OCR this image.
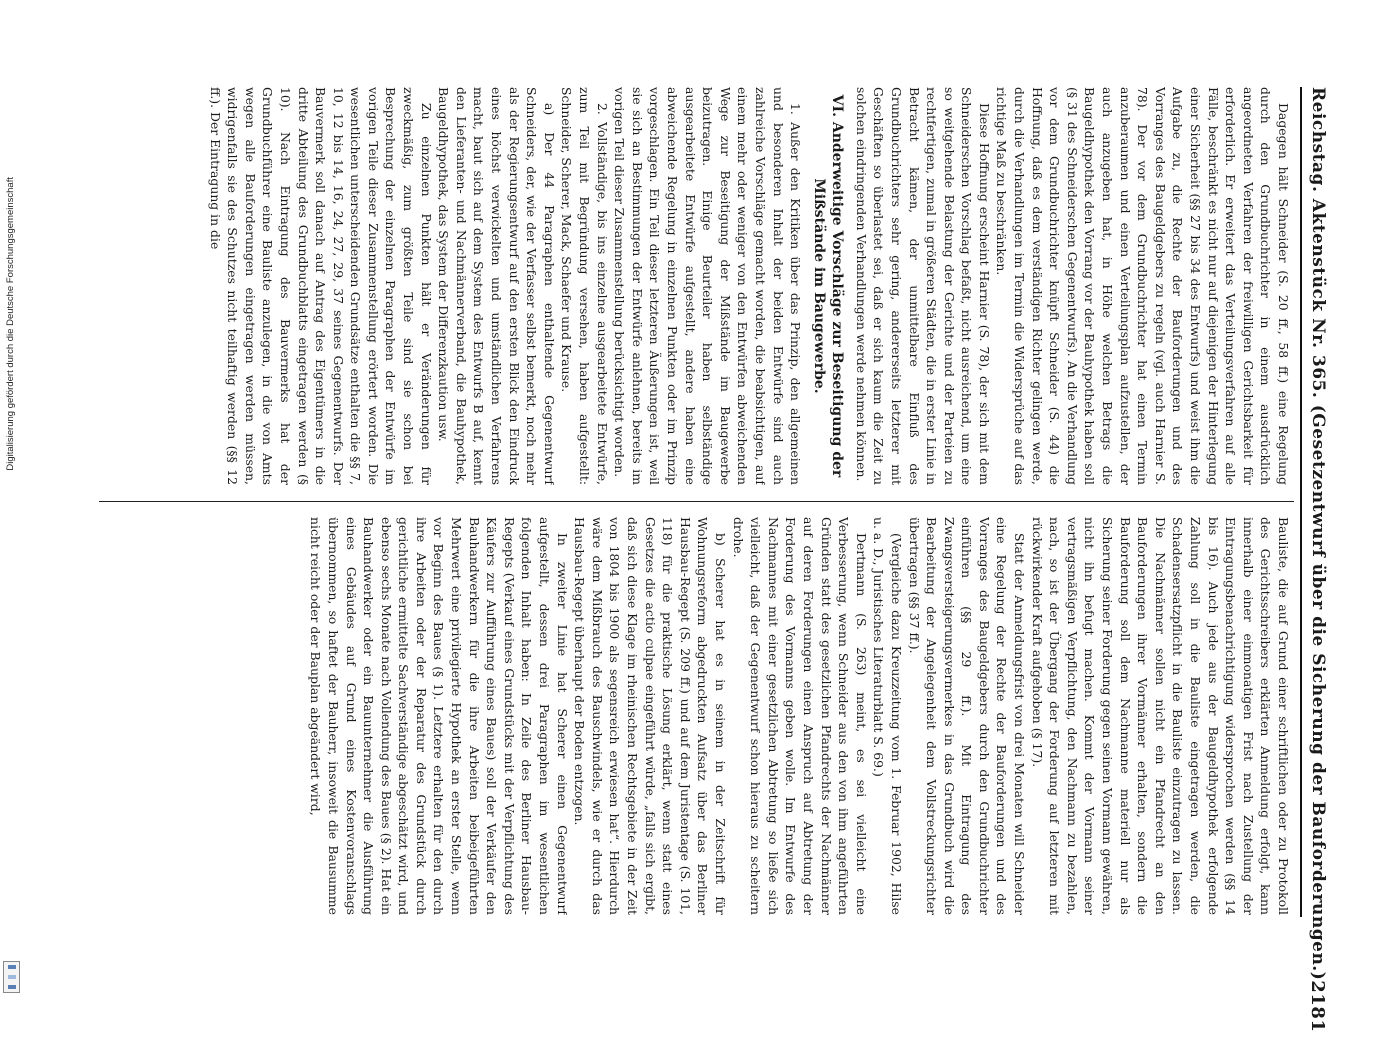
Digitalisierung gefördert durch die Deutsche Forschungsgemeinschaft	Reichstag. Aktenstück Nr. 365. (Gesetzentwurf über die Sicherung der Bauforderungen.)
2181

Dagegen hält Schneider (S. 20 ff., 58 ff.) eine Regelung durch den Grundbuchrichter in einem ausdrücklich angeordneten Verfahren der freiwilligen Gerichtsbarkeit für erforderlich. Er erweitert das Verteilungsverfahren auf alle Fälle, beschränkt es nicht nur auf diejenigen der Hinterlegung einer Sicherheit (§§ 27 bis 34 des Entwurfs) und weist ihm die Aufgabe zu, die Rechte der Bauforderungen und des Vorranges des Baugeldgebers zu regeln (vgl. auch Harnier S. 78). Der vor dem Grundbuchrichter hat einen Termin anzuberaumen und einen Verteilungsplan aufzustellen, der auch anzugeben hat, in Höhe welchen Betrags die Baugeldhypothek den Vorrang vor der Bauhypothek haben soll (§ 31 des Schneiderschen Gegenentwurfs). An die Verhandlung vor dem Grundbuchrichter knüpft Schneider (S. 44) die Hoffnung, daß es dem verständigen Richter gelingen werde, durch die Verhandlungen im Termin die Widersprüche auf das richtige Maß zu beschränken.

Diese Hoffnung erscheint Harnier (S. 78), der sich mit dem Schneiderschen Vorschlag befaßt, nicht ausreichend, um eine so weitgehende Belastung der Gerichte und der Parteien zu rechtfertigen, zumal in größeren Städten, die in erster Linie in Betracht kämen, der unmittelbare Einfluß des Grundbuchrichters sehr gering, andererseits letzterer mit Geschäften so überlastet sei, daß er sich kaum die Zeit zu solchen eindringenden Verhandlungen werde nehmen können.

VI. Anderweitige Vorschläge zur Beseitigung der Mißstände im Baugewerbe.

1. Außer den Kritiken über das Prinzip, den allgemeinen und besonderen Inhalt der beiden Entwürfe sind auch zahlreiche Vorschläge gemacht worden, die beabsichtigen, auf einem mehr oder weniger von den Entwürfen abweichenden Wege zur Beseitigung der Mißstände im Baugewerbe beizutragen. Einige Beurteiler haben selbständige ausgearbeitete Entwürfe aufgestellt, andere haben eine abweichende Regelung in einzelnen Punkten oder im Prinzip vorgeschlagen. Ein Teil dieser letzteren Äußerungen ist, weil sie sich an Bestimmungen der Entwürfe anlehnen, bereits im vorigen Teil dieser Zusammenstellung berücksichtigt worden.

2. Vollständige, bis ins einzelne ausgearbeitete Entwürfe, zum Teil mit Begründung versehen, haben aufgestellt: Schneider, Scherer, Mack, Schaefer und Krause.

a) Der 44 Paragraphen enthaltende Gegenentwurf Schneiders, der, wie der Verfasser selbst bemerkt, noch mehr als der Regierungsentwurf auf den ersten Blick den Eindruck eines höchst verwickelten und umständlichen Verfahrens macht, baut sich auf dem System des Entwurfs B auf, kennt den Lieferanten- und Nachmännerverband, die Bauhypothek, Baugeldhypothek, das System der Differenzkaution usw.

Zu einzelnen Punkten hält er Veränderungen für zweckmäßig, zum größten Teile sind sie schon bei Besprechung der einzelnen Paragraphen der Entwürfe im vorigen Teile dieser Zusammenstellung erörtert worden. Die wesentlichen unterscheidenden Grundsätze enthalten die §§ 7, 10, 12 bis 14, 16, 24, 27, 29, 37 seines Gegenentwurfs. Der Bauvermerk soll danach auf Antrag des Eigentümers in die dritte Abteilung des Grundbuchblatts eingetragen werden (§ 10). Nach Eintragung des Bauvermerks hat der Grundbuchführer eine Bauliste anzulegen, in die von Amts wegen alle Bauforderungen eingetragen werden müssen, widrigenfalls sie des Schutzes nicht teilhaftig werden (§§ 12 ff.). Der Eintragung in die

Bauliste, die auf Grund einer schriftlichen oder zu Protokoll des Gerichtsschreibers erklärten Anmeldung erfolgt, kann innerhalb einer einmonatigen Frist nach Zustellung der Eintragungsbenachrichtigung widersprochen werden (§§ 14 bis 16). Auch jede aus der Baugeldhypothek erfolgende Zahlung soll in die Bauliste eingetragen werden, die Schadensersatzpflicht in die Bauliste einzutragen zu lassen. Die Nachmänner sollen nicht ein Pfandrecht an den Bauforderungen ihrer Vormänner erhalten, sondern die Bauforderung soll dem Nachmanne materiell nur als Sicherung seiner Forderung gegen seinen Vormann gewähren, nicht ihn befugt machen. Kommt der Vormann seiner vertragsmäßigen Verpflichtung, den Nachmann zu bezahlen, nach, so ist der Übergang der Forderung auf letzteren mit rückwirkender Kraft aufgehoben (§ 17).

Statt der Anmeldungsfrist von drei Monaten will Schneider eine Regelung der Rechte der Bauforderungen und des Vorranges des Baugeldgebers durch den Grundbuchrichter einführen (§§ 29 ff.). Mit Eintragung des Zwangsversteigerungsvermerkes in das Grundbuch wird die Bearbeitung der Angelegenheit dem Vollstreckungsrichter übertragen (§§ 37 ff.).

(Vergleiche dazu Kreuzzeitung vom 1. Februar 1902, Hilse u. a. D., Juristisches Literaturblatt S. 69.)

Dertmann (S. 263) meint, es sei vielleicht eine Verbesserung, wenn Schneider aus den von ihm angeführten Gründen statt des gesetzlichen Pfandrechts der Nachmänner auf deren Forderungen einen Anspruch auf Abtretung der Forderung des Vormanns geben wolle. Im Entwurfe des Nachmannes mit einer gesetzlichen Abtretung so ließe sich vielleicht, daß der Gegenentwurf schon hieraus zu scheitern drohe.

b) Scherer hat es in seinem in der Zeitschrift für Wohnungsreform abgedruckten Aufsatz über das Berliner Hausbau-Regept (S. 209 ff.) und auf dem Juristentage (S. 101, 118) für die praktische Lösung erklärt, wenn statt eines Gesetzes die actio culpae eingeführt würde, „falls sich ergibt, daß sich diese Klage im rheinischen Rechtsgebiete in der Zeit von 1804 bis 1900 als segensreich erwiesen hat“. Hierdurch wäre dem Mißbrauch des Bauschwindels, wie er durch das Hausbau-Regept überhaupt der Boden entzogen.

In zweiter Linie hat Scherer einen Gegenentwurf aufgestellt, dessen drei Paragraphen im wesentlichen folgenden Inhalt haben: In Zeile des Berliner Hausbau-Regepts (Verkauf eines Grundstücks mit der Verpflichtung des Käufers zur Aufführung eines Baues) soll der Verkäufer den Bauhandwerkern für die ihre Arbeiten beibeigeführten Mehrwert eine privilegierte Hypothek an erster Stelle, wenn vor Beginn des Baues (§ 1). Letztere erhalten für den durch ihre Arbeiten oder der Reparatur des Grundstück durch gerichtliche ermittelte Sachverständige abgeschätzt wird, und ebenso sechs Monate nach Vollendung des Baues (§ 2). Hat ein Bauhandwerker oder ein Bauunternehmer die Ausführung eines Gebäudes auf Grund eines Kostenvoranschlags übernommen, so haftet der Bauherr, insoweit die Bausumme nicht reicht oder der Bauplan abgeändert wird,
